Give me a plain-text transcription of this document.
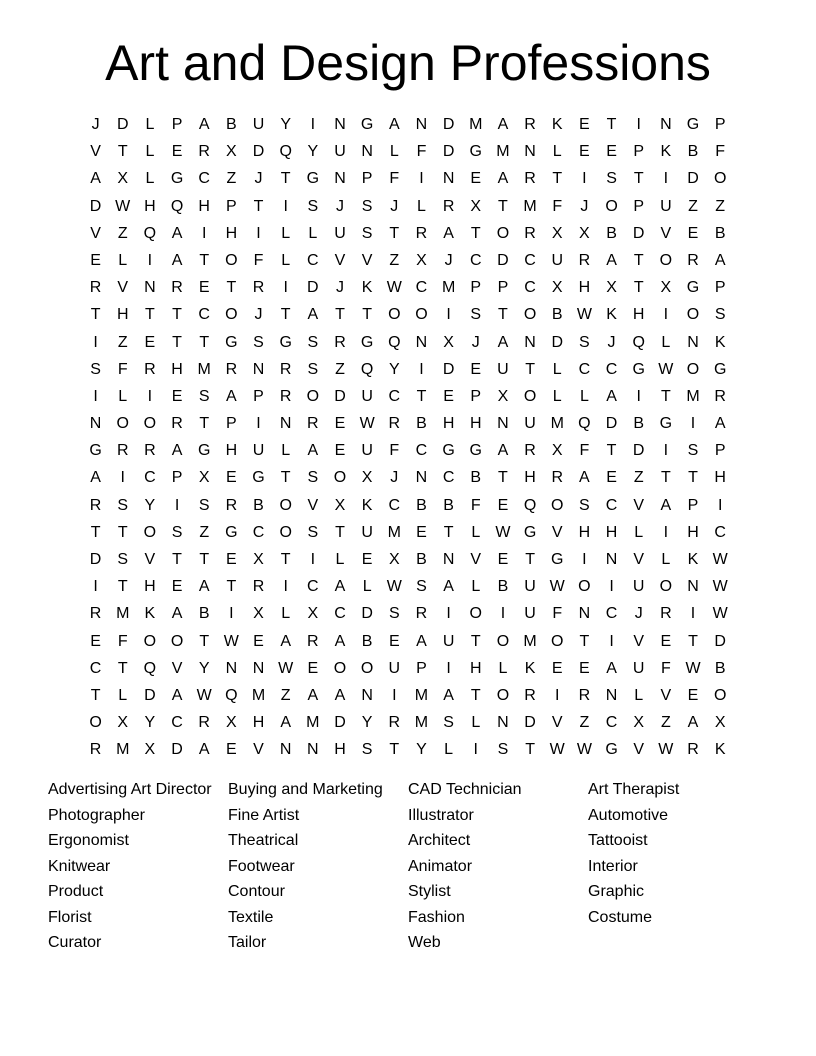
Art and Design Professions
J	D	L	P	A	B	U	Y	I	N G A	N D M A	R	K	E	T	I	N G P
V	T	L	E	R	X	D Q Y	U N	L	F	D G M N	L	E	E	P	K	B	F
A	X	L	G C	Z	J	T	G N	P	F	I	N	E	A	R	T	I	S	T	I	D O
D W H Q H	P	T	I	S	J	S	J	L	R	X	T M F	J	O P	U	Z	Z
V	Z	Q A	I	H	I	L	L	U	S	T	R	A	T	O R	X	X	B	D	V	E	B
E	L	I	A	T	O	F	L	C	V	V	Z	X	J	C D C U R	A	T	O R	A
R	V	N R	E	T	R	I	D	J	K W C M P	P	C	X	H	X	T	X G P
T	H	T	T	C O	J	T	A	T	T	O O	I	S	T	O B W K	H	I	O S
I	Z	E	T	T	G S G S	R G Q N	X	J	A	N D	S	J	Q	L	N	K
S	F	R H M R N R	S	Z	Q Y	I	D	E	U	T	L	C C G W O G
I	L	I	E	S	A	P	R O D U C	T	E	P	X O	L	L	A	I	T M R
N O O R	T	P	I	N R	E W R	B	H H N U M Q D	B G	I	A
G R R	A G H U	L	A	E	U	F	C G G A	R	X	F	T	D	I	S	P
A	I	C	P	X	E G	T	S O X	J	N C	B	T	H R	A	E	Z	T	T	H
R	S	Y	I	S	R	B O V	X	K	C	B	B	F	E Q O S	C	V	A	P	I
T	T	O S	Z	G C O S	T	U M E	T	L W G V	H H	L	I	H C
D	S	V	T	T	E	X	T	I	L	E	X	B	N	V	E	T	G	I	N	V	L	K W
I	T	H	E	A	T	R	I	C	A	L W S	A	L	B	U W O	I	U O N W
R M K	A	B	I	X	L	X	C D	S	R	I	O	I	U	F	N C	J	R	I	W
E	F	O O	T W E	A	R	A	B	E	A	U	T	O M O	T	I	V	E	T	D
C	T	Q V	Y	N N W E O O U	P	I	H	L	K	E	E	A	U	F W B
T	L	D	A W Q M Z	A	A	N	I	M A	T	O R	I	R N	L	V	E O
O X	Y	C R	X	H	A M D	Y	R M S	L	N D	V	Z	C	X	Z	A	X
R M X	D	A	E	V	N N H	S	T	Y	L	I	S	T W W G V W R	K
Advertising Art Director
Photographer
Ergonomist
Knitwear
Product
Florist
Curator
Buying and Marketing
Fine Artist
Theatrical
Footwear
Contour
Textile
Tailor
CAD Technician
Illustrator
Architect
Animator
Stylist
Fashion
Web
Art Therapist
Automotive
Tattooist
Interior
Graphic
Costume
